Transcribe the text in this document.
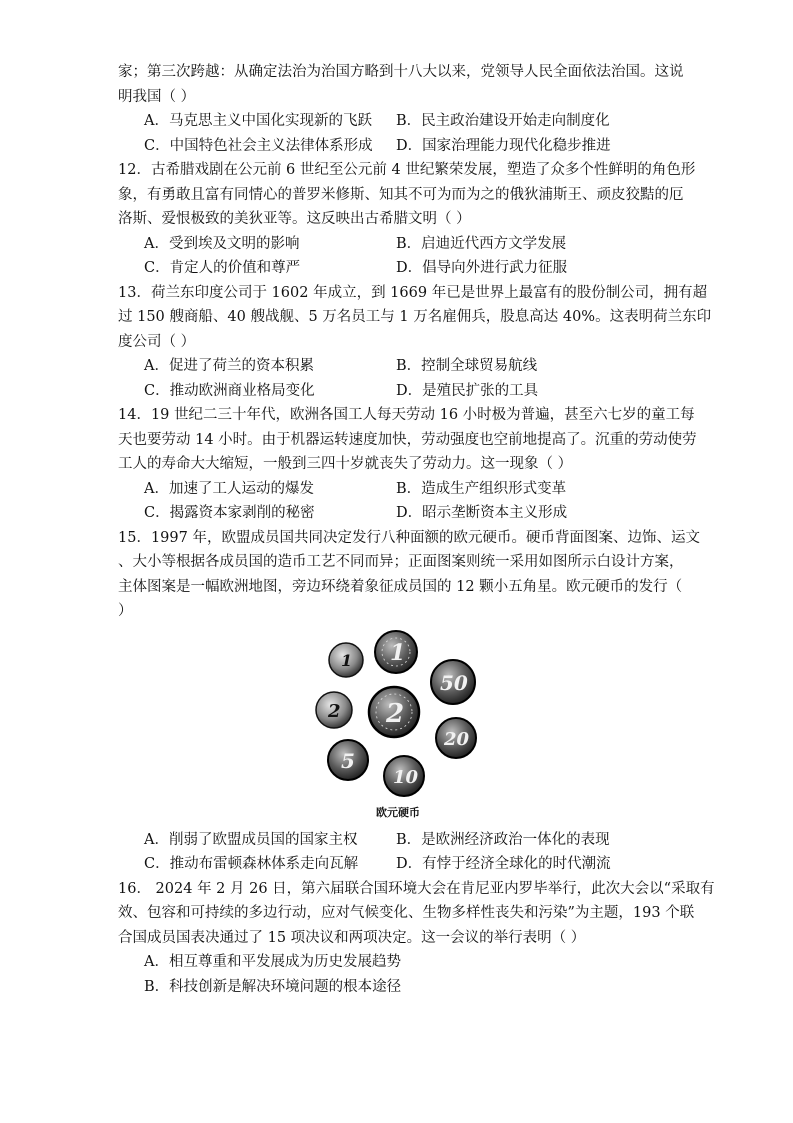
家；第三次跨越：从确定法治为治国方略到十八大以来，党领导人民全面依法治国。这说
明我国（ ）
A．马克思主义中国化实现新的飞跃	B．民主政治建设开始走向制度化
C．中国特色社会主义法律体系形成	D．国家治理能力现代化稳步推进
12．古希腊戏剧在公元前 6 世纪至公元前 4 世纪繁荣发展，塑造了众多个性鲜明的角色形
象，有勇敢且富有同情心的普罗米修斯、知其不可为而为之的俄狄浦斯王、顽皮狡黠的厄
洛斯、爱恨极致的美狄亚等。这反映出古希腊文明（ ）
A．受到埃及文明的影响	B．启迪近代西方文学发展
C．肯定人的价值和尊严	D．倡导向外进行武力征服
13．荷兰东印度公司于 1602 年成立，到 1669 年已是世界上最富有的股份制公司，拥有超
过 150 艘商船、40 艘战舰、5 万名员工与 1 万名雇佣兵，股息高达 40%。这表明荷兰东印
度公司（ ）
A．促进了荷兰的资本积累	B．控制全球贸易航线
C．推动欧洲商业格局变化	D．是殖民扩张的工具
14．19 世纪二三十年代，欧洲各国工人每天劳动 16 小时极为普遍，甚至六七岁的童工每
天也要劳动 14 小时。由于机器运转速度加快，劳动强度也空前地提高了。沉重的劳动使劳
工人的寿命大大缩短，一般到三四十岁就丧失了劳动力。这一现象（ ）
A．加速了工人运动的爆发	B．造成生产组织形式变革
C．揭露资本家剥削的秘密	D．昭示垄断资本主义形成
15．1997 年，欧盟成员国共同决定发行八种面额的欧元硬币。硬币背面图案、边饰、运文
、大小等根据各成员国的造币工艺不同而异；正面图案则统一采用如图所示白设计方案，
主体图案是一幅欧洲地图，旁边环绕着象征成员国的 12 颗小五角星。欧元硬币的发行（
）
1 1
50
2 2
20
5
10
欧元硬币
A．削弱了欧盟成员国的国家主权	B．是欧洲经济政治一体化的表现
C．推动布雷顿森林体系走向瓦解	D．有悖于经济全球化的时代潮流
16． 2024 年 2 月 26 日，第六届联合国环境大会在肯尼亚内罗毕举行，此次大会以“采取有
效、包容和可持续的多边行动，应对气候变化、生物多样性丧失和污染”为主题，193 个联
合国成员国表决通过了 15 项决议和两项决定。这一会议的举行表明（ ）
A．相互尊重和平发展成为历史发展趋势
B．科技创新是解决环境问题的根本途径
